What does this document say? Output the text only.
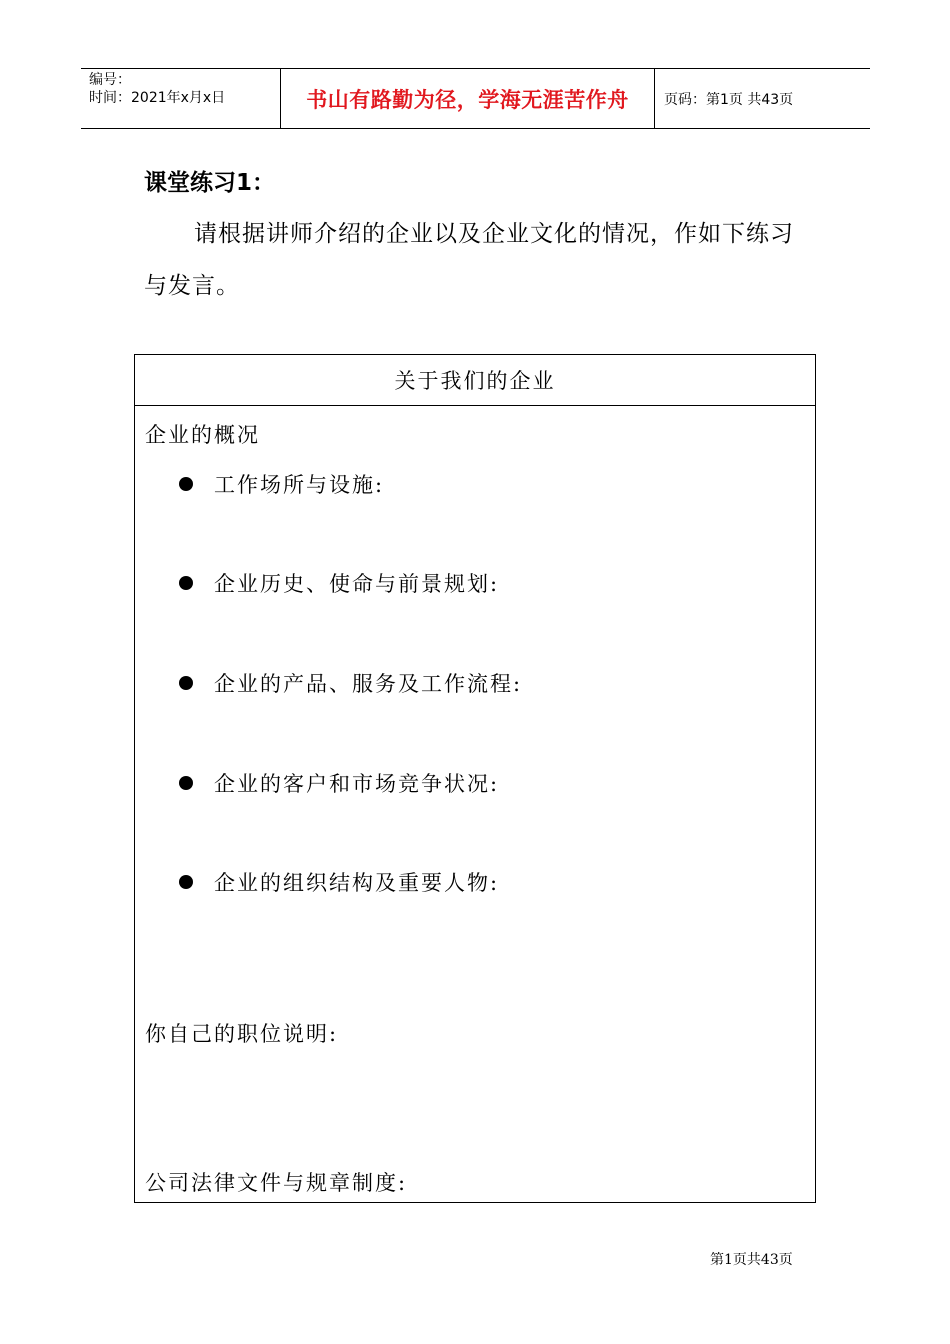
编号：
时间：2021年x月x日	书山有路勤为径，学海无涯苦作舟	页码：第1页 共43页
课堂练习1：
请根据讲师介绍的企业以及企业文化的情况，作如下练习与发言。
关于我们的企业
企业的概况
工作场所与设施:
企业历史、使命与前景规划:
企业的产品、服务及工作流程:
企业的客户和市场竞争状况:
企业的组织结构及重要人物:
你自己的职位说明:
公司法律文件与规章制度:
第1页共43页
